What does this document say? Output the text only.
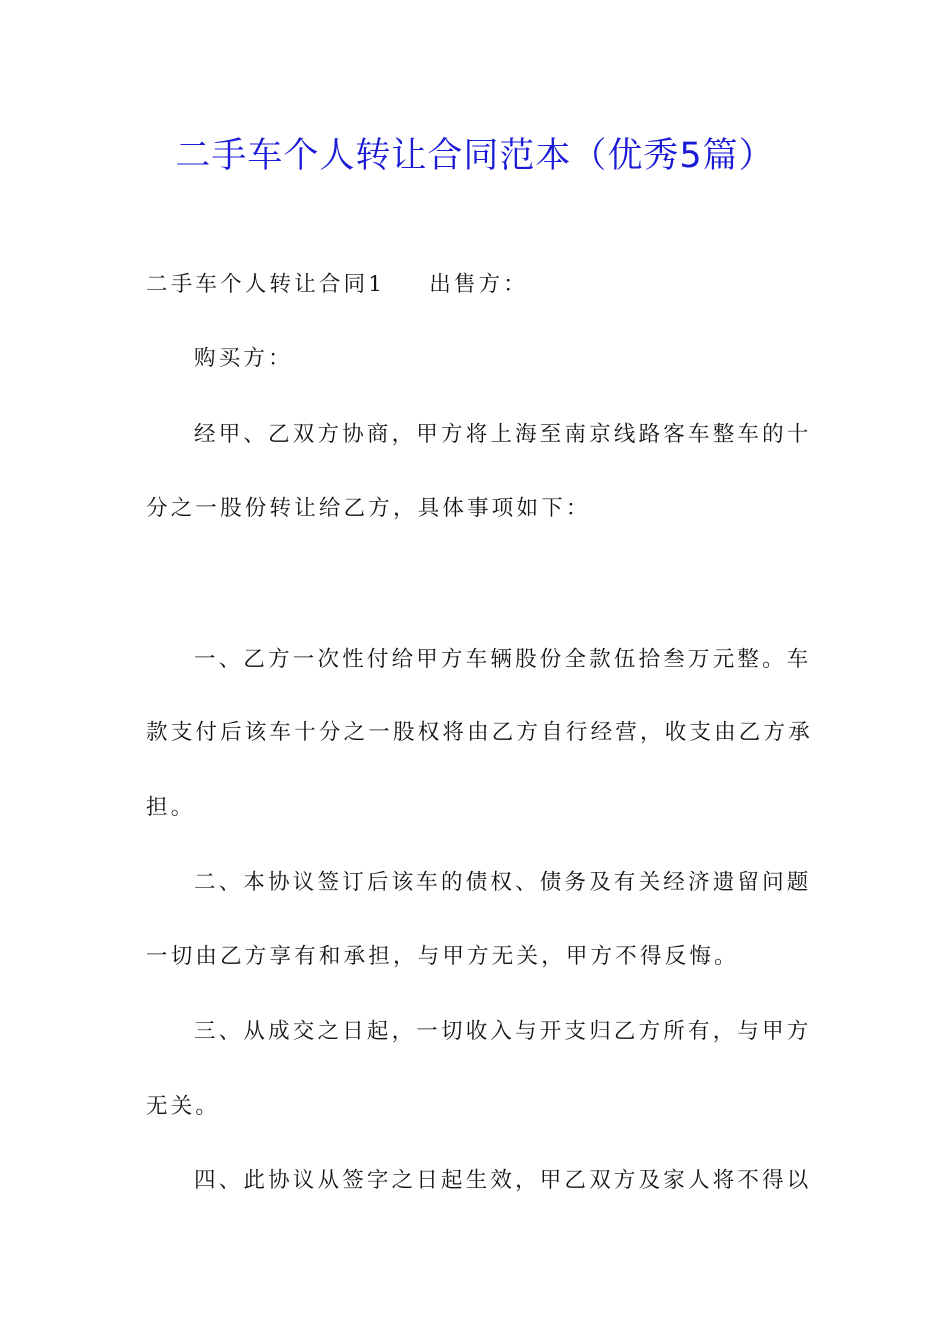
二手车个人转让合同范本（优秀5篇）
二手车个人转让合同1 出售方：
购买方：
经甲、乙双方协商，甲方将上海至南京线路客车整车的十
分之一股份转让给乙方，具体事项如下：
一、乙方一次性付给甲方车辆股份全款伍拾叁万元整。车
款支付后该车十分之一股权将由乙方自行经营，收支由乙方承
担。
二、本协议签订后该车的债权、债务及有关经济遗留问题
一切由乙方享有和承担，与甲方无关，甲方不得反悔。
三、从成交之日起，一切收入与开支归乙方所有，与甲方
无关。
四、此协议从签字之日起生效，甲乙双方及家人将不得以
